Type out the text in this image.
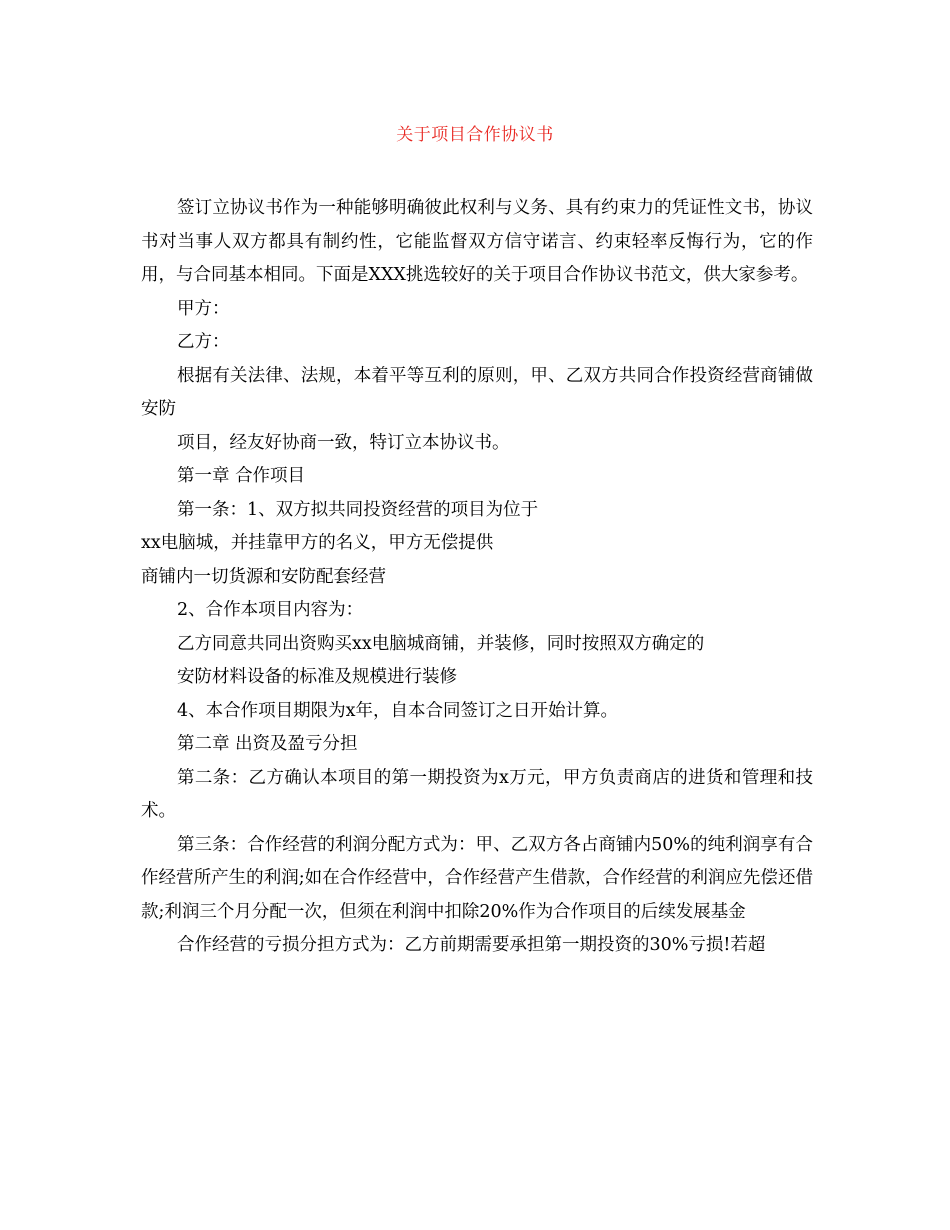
关于项目合作协议书

签订立协议书作为一种能够明确彼此权利与义务、具有约束力的凭证性文书，协议书对当事人双方都具有制约性，它能监督双方信守诺言、约束轻率反悔行为，它的作用，与合同基本相同。下面是XXX挑选较好的关于项目合作协议书范文，供大家参考。

甲方：

乙方：

根据有关法律、法规，本着平等互利的原则，甲、乙双方共同合作投资经营商铺做安防

项目，经友好协商一致，特订立本协议书。

第一章 合作项目

第一条：1、双方拟共同投资经营的项目为位于

xx电脑城，并挂靠甲方的名义，甲方无偿提供

商铺内一切货源和安防配套经营

2、合作本项目内容为：

乙方同意共同出资购买xx电脑城商铺，并装修，同时按照双方确定的

安防材料设备的标准及规模进行装修

4、本合作项目期限为x年，自本合同签订之日开始计算。

第二章 出资及盈亏分担

第二条：乙方确认本项目的第一期投资为x万元，甲方负责商店的进货和管理和技术。

第三条：合作经营的利润分配方式为：甲、乙双方各占商铺内50%的纯利润享有合作经营所产生的利润;如在合作经营中，合作经营产生借款，合作经营的利润应先偿还借款;利润三个月分配一次，但须在利润中扣除20%作为合作项目的后续发展基金

合作经营的亏损分担方式为：乙方前期需要承担第一期投资的30%亏损!若超
